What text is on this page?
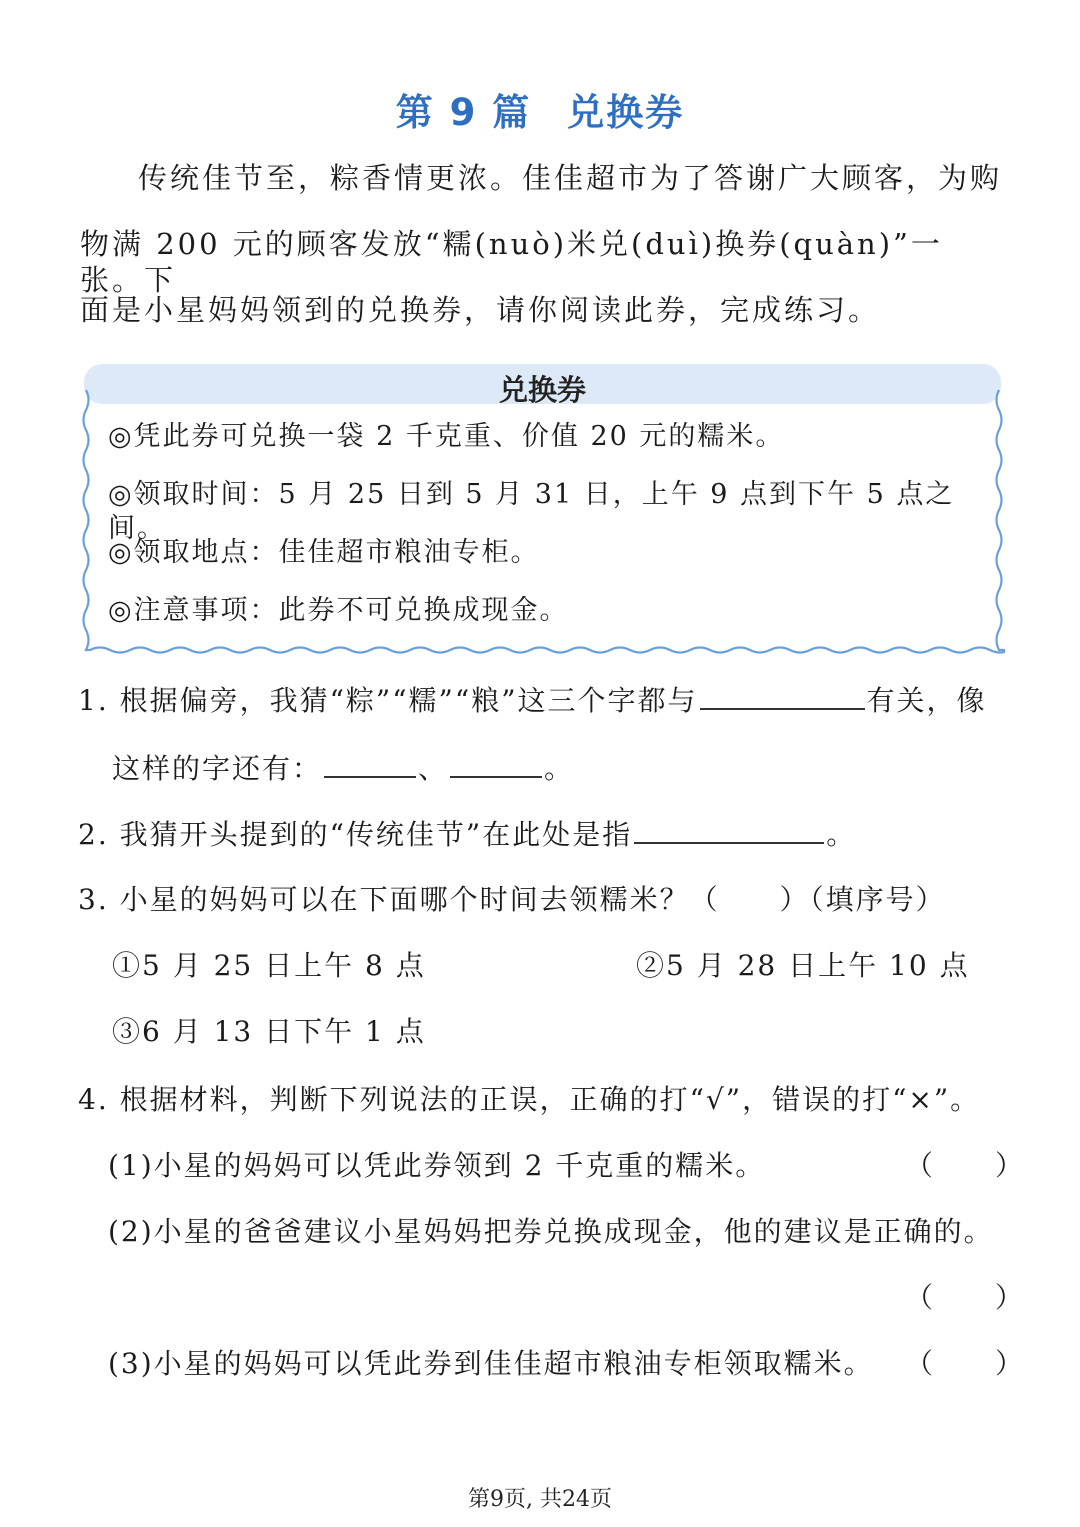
第 9 篇 兑换券
传统佳节至，粽香情更浓。佳佳超市为了答谢广大顾客，为购
物满 200 元的顾客发放“糯(nuò)米兑(duì)换券(quàn)”一张。下
面是小星妈妈领到的兑换券，请你阅读此券，完成练习。
兑换券
◎凭此券可兑换一袋 2 千克重、价值 20 元的糯米。
◎领取时间：5 月 25 日到 5 月 31 日，上午 9 点到下午 5 点之间。
◎领取地点：佳佳超市粮油专柜。
◎注意事项：此券不可兑换成现金。
1. 根据偏旁，我猜“粽”“糯”“粮”这三个字都与	有关，像
这样的字还有：	、	。
2. 我猜开头提到的“传统佳节”在此处是指	。
3. 小星的妈妈可以在下面哪个时间去领糯米？（　　）（填序号）
①5 月 25 日上午 8 点	②5 月 28 日上午 10 点
③6 月 13 日下午 1 点
4. 根据材料，判断下列说法的正误，正确的打“√”，错误的打“×”。
(1)小星的妈妈可以凭此券领到 2 千克重的糯米。	（　　）
(2)小星的爸爸建议小星妈妈把券兑换成现金，他的建议是正确的。
（　　）
(3)小星的妈妈可以凭此券到佳佳超市粮油专柜领取糯米。 （　　）
第9页, 共24页
